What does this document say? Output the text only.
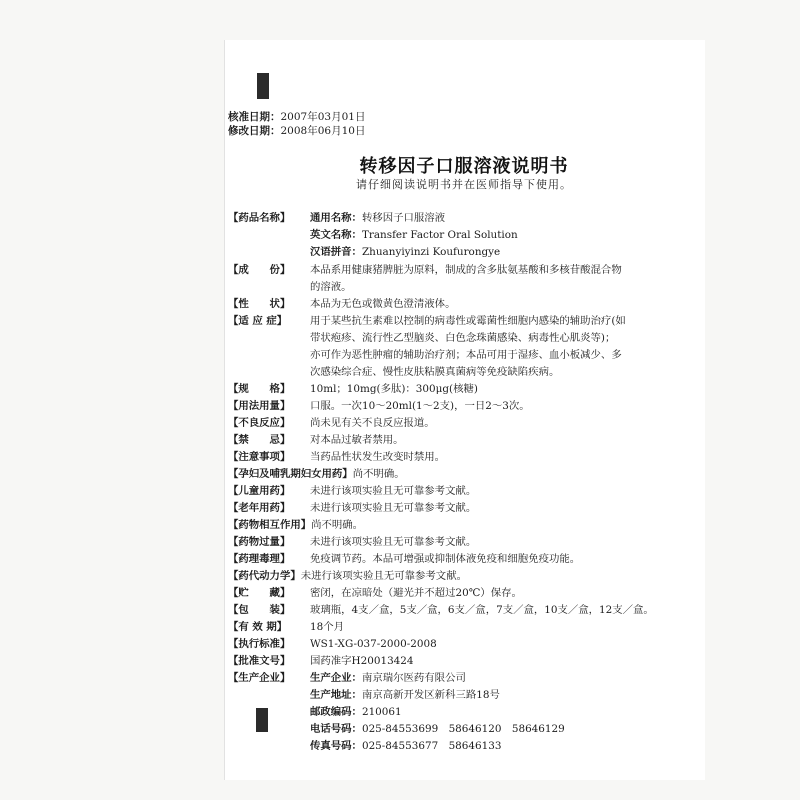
核准日期：2007年03月01日
修改日期：2008年06月10日
转移因子口服溶液说明书
请仔细阅读说明书并在医师指导下使用。
【药品名称】 通用名称：转移因子口服溶液
英文名称：Transfer Factor Oral Solution
汉语拼音：Zhuanyiyinzi Koufurongye
【成　　份】 本品系用健康猪脾脏为原料，制成的含多肽氨基酸和多核苷酸混合物
的溶液。
【性　　状】 本品为无色或微黄色澄清液体。
【适 应 症】 用于某些抗生素难以控制的病毒性或霉菌性细胞内感染的辅助治疗(如
带状疱疹、流行性乙型脑炎、白色念珠菌感染、病毒性心肌炎等)；
亦可作为恶性肿瘤的辅助治疗剂；本品可用于湿疹、血小板减少、多
次感染综合症、慢性皮肤粘膜真菌病等免疫缺陷疾病。
【规　　格】 10ml；10mg(多肽)：300μg(核糖)
【用法用量】 口服。一次10～20ml(1～2支)，一日2～3次。
【不良反应】 尚未见有关不良反应报道。
【禁　　忌】 对本品过敏者禁用。
【注意事项】 当药品性状发生改变时禁用。
【孕妇及哺乳期妇女用药】尚不明确。
【儿童用药】 未进行该项实验且无可靠参考文献。
【老年用药】 未进行该项实验且无可靠参考文献。
【药物相互作用】尚不明确。
【药物过量】 未进行该项实验且无可靠参考文献。
【药理毒理】 免疫调节药。本品可增强或抑制体液免疫和细胞免疫功能。
【药代动力学】未进行该项实验且无可靠参考文献。
【贮　　藏】 密闭，在凉暗处（避光并不超过20℃）保存。
【包　　装】 玻璃瓶，4支／盒，5支／盒，6支／盒，7支／盒，10支／盒，12支／盒。
【有 效 期】 18个月
【执行标准】 WS1-XG-037-2000-2008
【批准文号】 国药准字H20013424
【生产企业】 生产企业：南京瑞尔医药有限公司
生产地址：南京高新开发区新科三路18号
邮政编码：210061
电话号码：025-84553699　58646120　58646129
传真号码：025-84553677　58646133
